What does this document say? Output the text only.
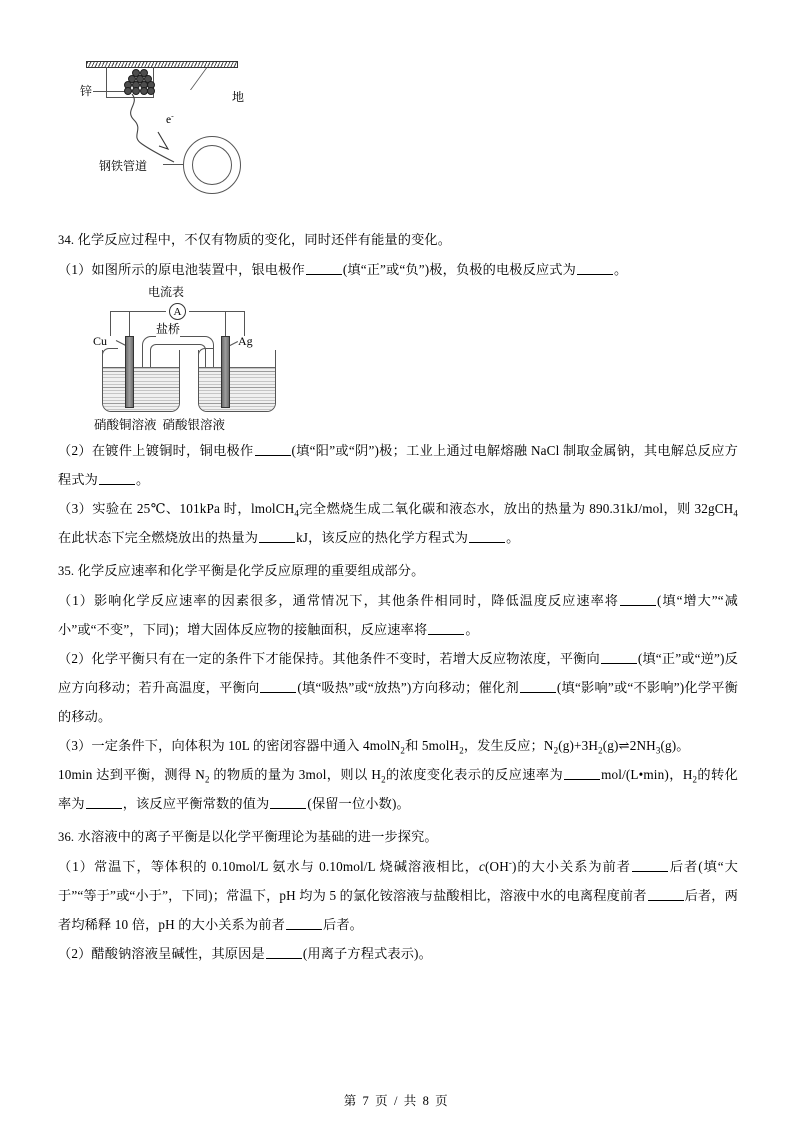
地
锌
e-
钢铁管道
34. 化学反应过程中，不仅有物质的变化，同时还伴有能量的变化。
（1）如图所示的原电池装置中，银电极作	(填“正”或“负”)极，负极的电极反应式为	。
电流表
A
盐桥
Cu	Ag
硝酸铜溶液 硝酸银溶液
（2）在镀件上镀铜时，铜电极作	(填“阳”或“阴”)极；工业上通过电解熔融 NaCl 制取金属钠，其电解总反应方程式为	。
（3）实验在 25℃、101kPa 时，lmolCH$_4$完全燃烧生成二氧化碳和液态水，放出的热量为 890.31kJ/mol，则 32gCH$_4$在此状态下完全燃烧放出的热量为	kJ，该反应的热化学方程式为	。
35. 化学反应速率和化学平衡是化学反应原理的重要组成部分。
（1）影响化学反应速率的因素很多，通常情况下，其他条件相同时，降低温度反应速率将	(填“增大”“减小”或“不变”，下同)；增大固体反应物的接触面积，反应速率将	。
（2）化学平衡只有在一定的条件下才能保持。其他条件不变时，若增大反应物浓度，平衡向	(填“正”或“逆”)反应方向移动；若升高温度，平衡向	(填“吸热”或“放热”)方向移动；催化剂	(填“影响”或“不影响”)化学平衡的移动。
（3）一定条件下，向体积为 10L 的密闭容器中通入 4molN$_2$和 5molH$_2$，发生反应；$N_2(g)+3H_2(g)\rightleftharpoons 2NH_3(g)$。
10min 达到平衡，测得 $N_2$ 的物质的量为 3mol，则以 $H_2$的浓度变化表示的反应速率为	mol/(L•min)，$H_2$的转化率为	，该反应平衡常数的值为	(保留一位小数)。
36. 水溶液中的离子平衡是以化学平衡理论为基础的进一步探究。
（1）常温下，等体积的 0.10mol/L 氨水与 0.10mol/L 烧碱溶液相比，c(OH-)的大小关系为前者	后者(填“大于”“等于”或“小于”，下同)；常温下，pH 均为 5 的氯化铵溶液与盐酸相比，溶液中水的电离程度前者	后者，两者均稀释 10 倍，pH 的大小关系为前者	后者。
（2）醋酸钠溶液呈碱性，其原因是	(用离子方程式表示)。
第 7 页 / 共 8 页
